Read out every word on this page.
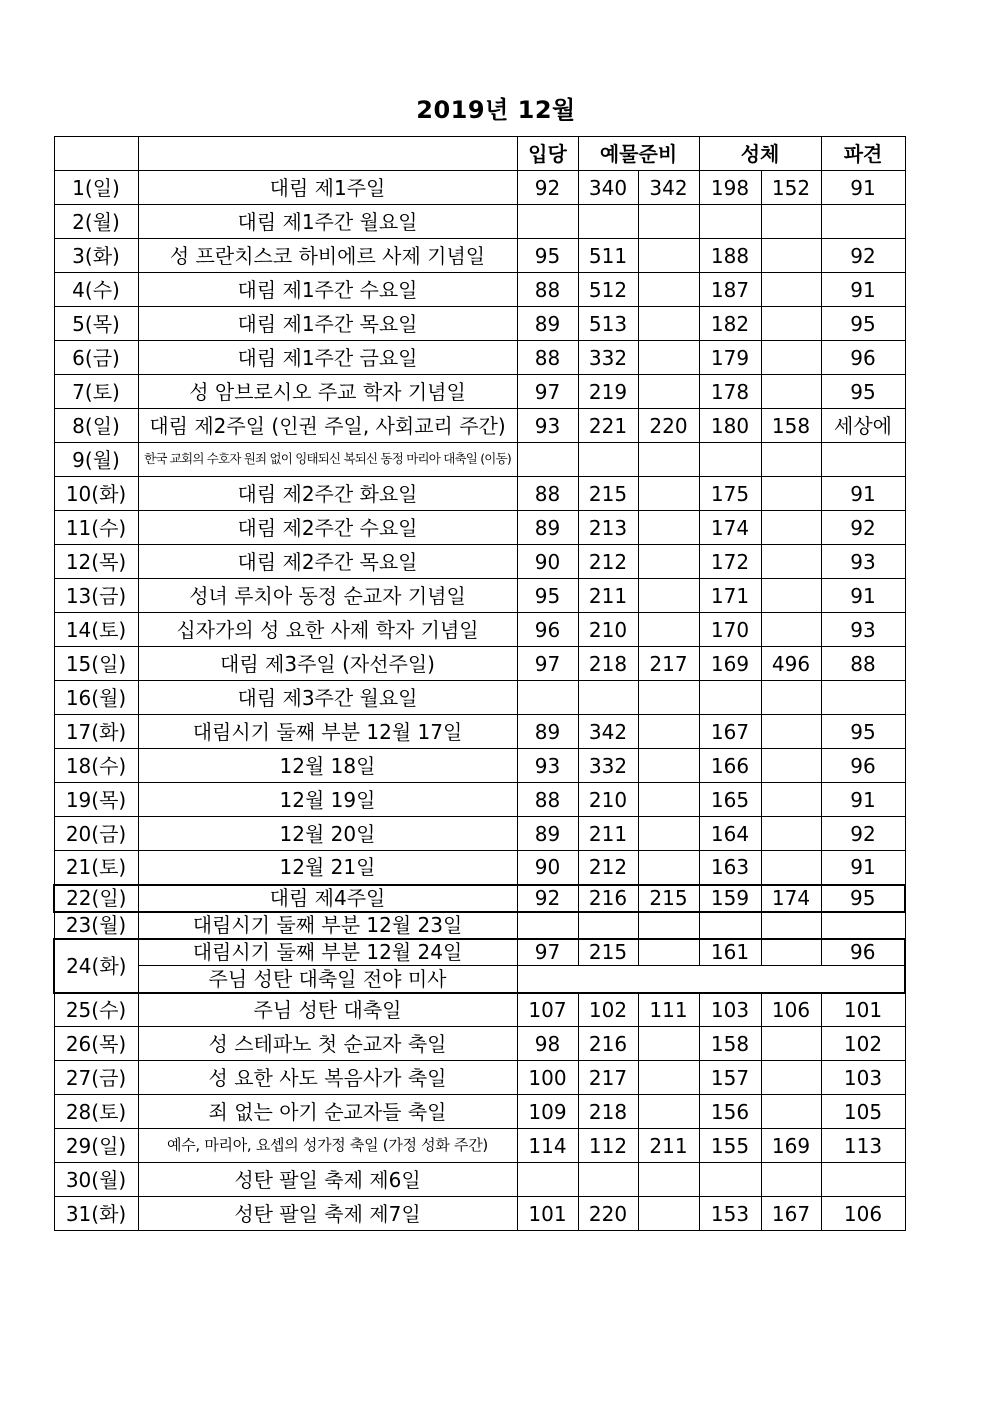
2019년 12월
		입당	예물준비		성체		파견
1(일)	대림 제1주일	92	340	342	198	152	91
2(월)	대림 제1주간 월요일						
3(화)	성 프란치스코 하비에르 사제 기념일	95	511		188		92
4(수)	대림 제1주간 수요일	88	512		187		91
5(목)	대림 제1주간 목요일	89	513		182		95
6(금)	대림 제1주간 금요일	88	332		179		96
7(토)	성 암브로시오 주교 학자 기념일	97	219		178		95
8(일)	대림 제2주일 (인권 주일, 사회교리 주간)	93	221	220	180	158	세상에
9(월)	한국 교회의 수호자 원죄 없이 잉태되신 복되신 동정 마리아 대축일 (이동)						
10(화)	대림 제2주간 화요일	88	215		175		91
11(수)	대림 제2주간 수요일	89	213		174		92
12(목)	대림 제2주간 목요일	90	212		172		93
13(금)	성녀 루치아 동정 순교자 기념일	95	211		171		91
14(토)	십자가의 성 요한 사제 학자 기념일	96	210		170		93
15(일)	대림 제3주일 (자선주일)	97	218	217	169	496	88
16(월)	대림 제3주간 월요일						
17(화)	대림시기 둘째 부분 12월 17일	89	342		167		95
18(수)	12월 18일	93	332		166		96
19(목)	12월 19일	88	210		165		91
20(금)	12월 20일	89	211		164		92
21(토)	12월 21일	90	212		163		91
22(일)	대림 제4주일	92	216	215	159	174	95
23(월)	대림시기 둘째 부분 12월 23일						
24(화)	대림시기 둘째 부분 12월 24일	97	215		161		96
	주님 성탄 대축일 전야 미사						
25(수)	주님 성탄 대축일	107	102	111	103	106	101
26(목)	성 스테파노 첫 순교자 축일	98	216		158		102
27(금)	성 요한 사도 복음사가 축일	100	217		157		103
28(토)	죄 없는 아기 순교자들 축일	109	218		156		105
29(일)	예수, 마리아, 요셉의 성가정 축일 (가정 성화 주간)	114	112	211	155	169	113
30(월)	성탄 팔일 축제 제6일						
31(화)	성탄 팔일 축제 제7일	101	220		153	167	106
